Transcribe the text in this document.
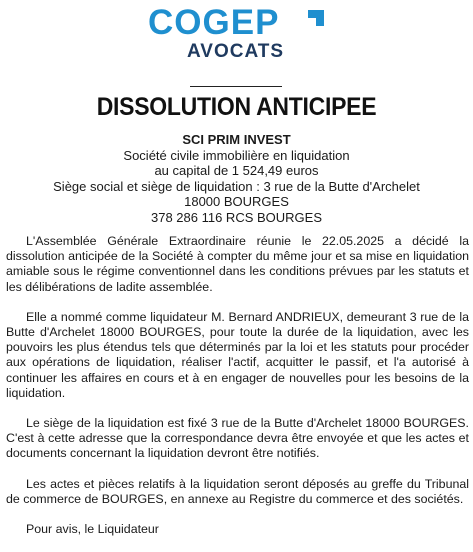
COGEP
AVOCATS
DISSOLUTION ANTICIPEE
SCI PRIM INVEST
Société civile immobilière en liquidation
au capital de 1 524,49 euros
Siège social et siège de liquidation : 3 rue de la Butte d'Archelet
18000 BOURGES
378 286 116 RCS BOURGES

L'Assemblée Générale Extraordinaire réunie le 22.05.2025 a décidé la dissolution anticipée de la Société à compter du même jour et sa mise en liquidation amiable sous le régime conventionnel dans les conditions prévues par les statuts et les délibérations de ladite assemblée.

Elle a nommé comme liquidateur M. Bernard ANDRIEUX, demeurant 3 rue de la Butte d'Archelet 18000 BOURGES, pour toute la durée de la liquidation, avec les pouvoirs les plus étendus tels que déterminés par la loi et les statuts pour procéder aux opérations de liquidation, réaliser l'actif, acquitter le passif, et l'a autorisé à continuer les affaires en cours et à en engager de nouvelles pour les besoins de la liquidation.

Le siège de la liquidation est fixé 3 rue de la Butte d'Archelet 18000 BOURGES. C'est à cette adresse que la correspondance devra être envoyée et que les actes et documents concernant la liquidation devront être notifiés.

Les actes et pièces relatifs à la liquidation seront déposés au greffe du Tribunal de commerce de BOURGES, en annexe au Registre du commerce et des sociétés.

Pour avis, le Liquidateur
